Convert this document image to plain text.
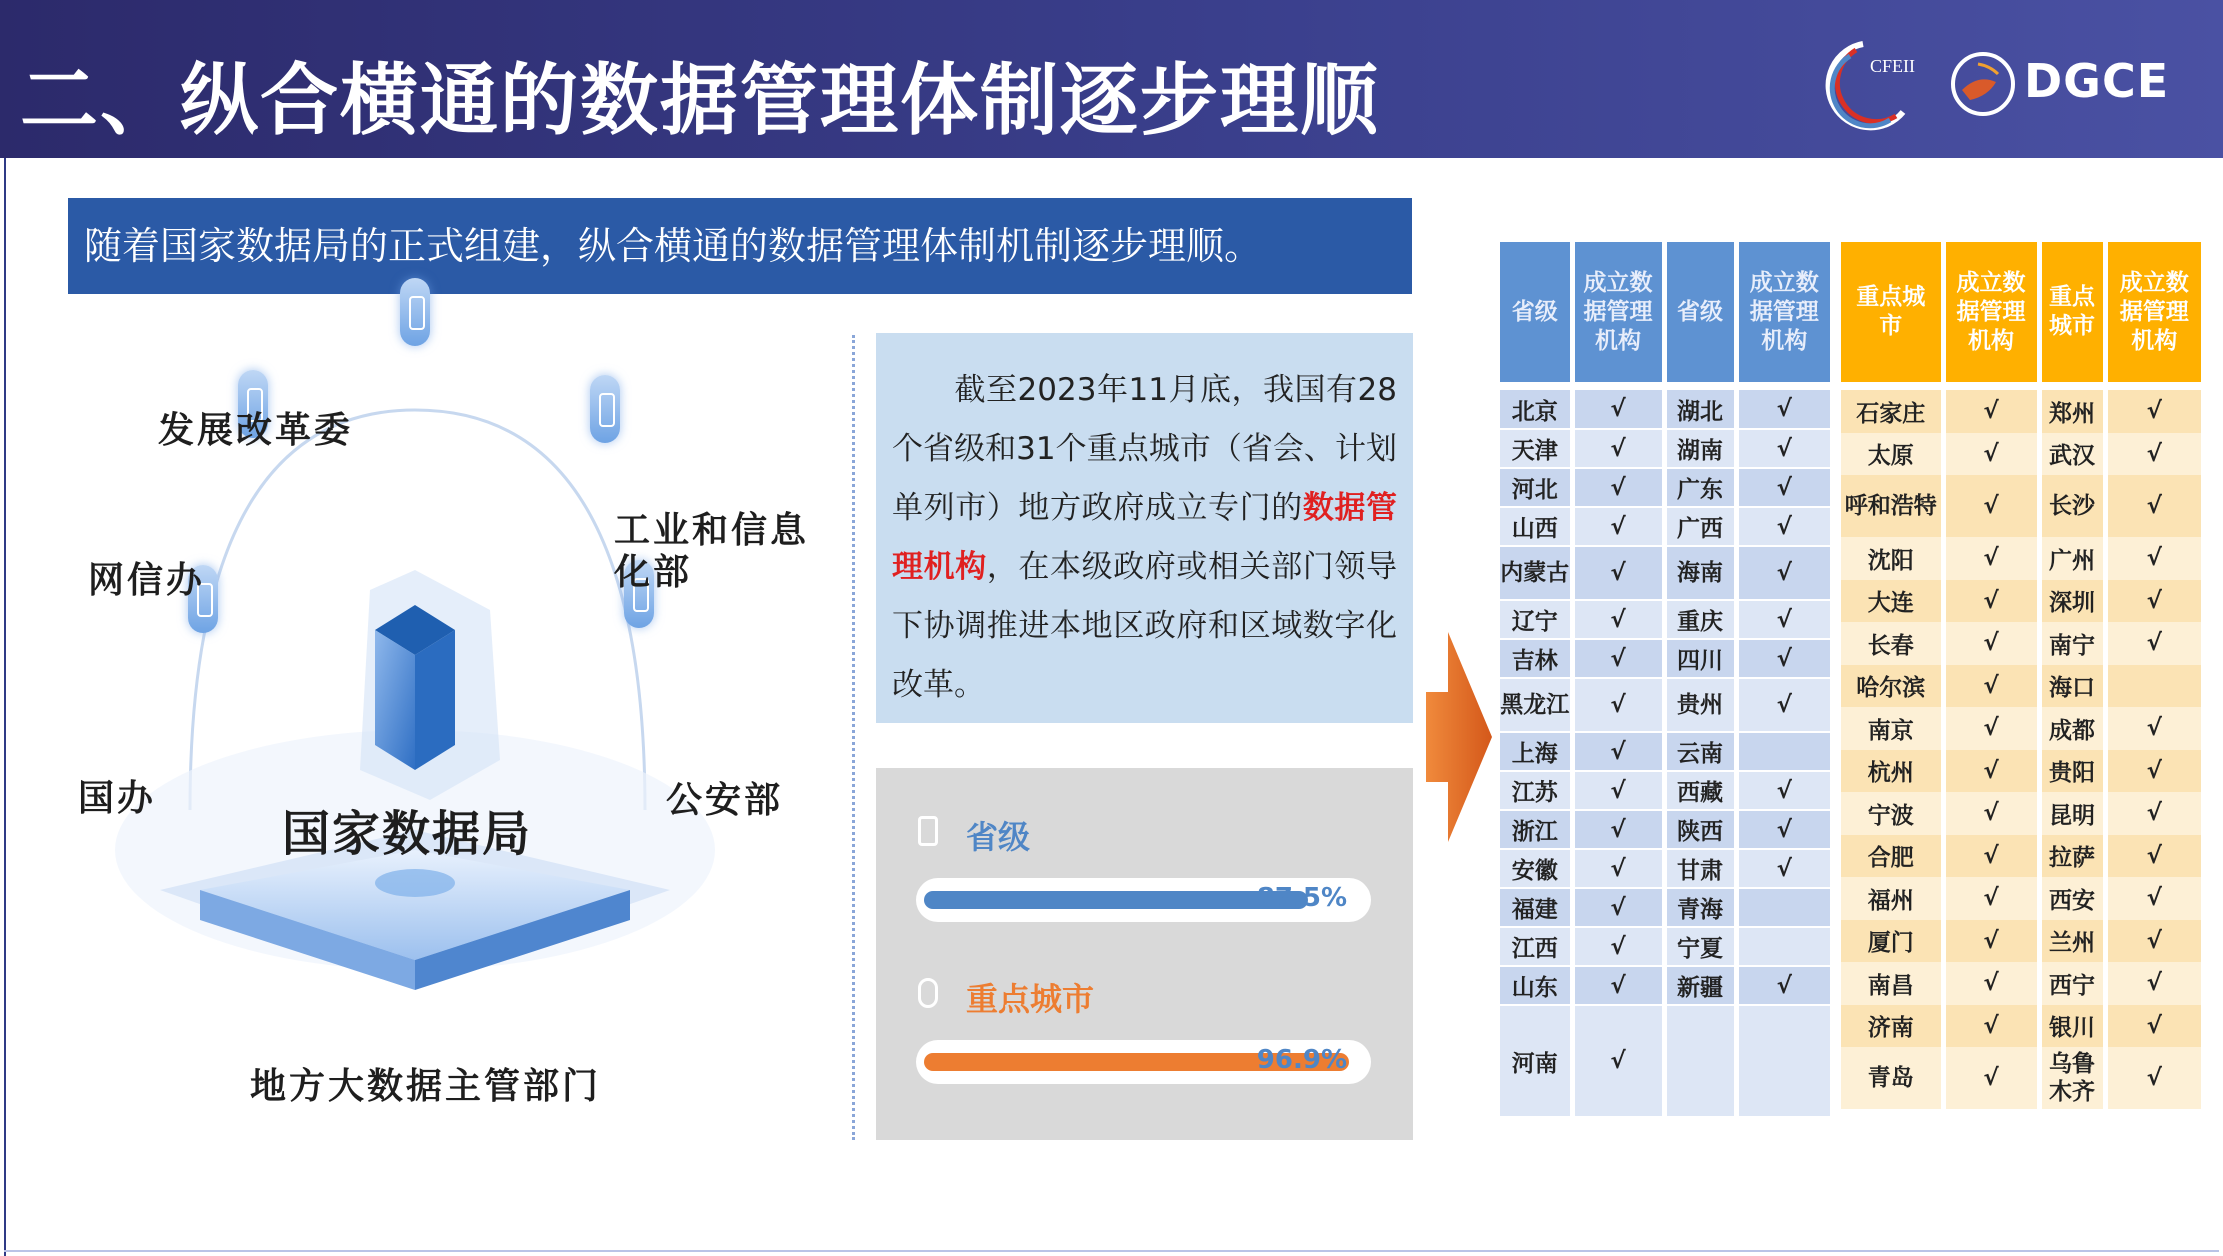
二、纵合横通的数据管理体制逐步理顺	CFEII DGCE
随着国家数据局的正式组建，纵合横通的数据管理体制机制逐步理顺。
发展改革委
工业和信息化部
网信办
国办	公安部
国家数据局
地方大数据主管部门
截至2023年11月底，我国有28个省级和31个重点城市（省会、计划单列市）地方政府成立专门的数据管理机构，在本级政府或相关部门领导下协调推进本地区政府和区域数字化改革。
省级
87.5%
重点城市
96.9%
省级	成立数据管理机构	省级	成立数据管理机构

北京	√	湖北	√
天津	√	湖南	√
河北	√	广东	√
山西	√	广西	√
内蒙古	√	海南	√
辽宁	√	重庆	√
吉林	√	四川	√
黑龙江	√	贵州	√
上海	√	云南	
江苏	√	西藏	√
浙江	√	陕西	√
安徽	√	甘肃	√
福建	√	青海	
江西	√	宁夏	
山东	√	新疆	√
河南	√		
重点城市	成立数据管理机构	重点城市	成立数据管理机构

石家庄	√	郑州	√
太原	√	武汉	√
呼和浩特	√	长沙	√
沈阳	√	广州	√
大连	√	深圳	√
长春	√	南宁	√
哈尔滨	√	海口	
南京	√	成都	√
杭州	√	贵阳	√
宁波	√	昆明	√
合肥	√	拉萨	√
福州	√	西安	√
厦门	√	兰州	√
南昌	√	西宁	√
济南	√	银川	√
青岛	√	乌鲁木齐	√
